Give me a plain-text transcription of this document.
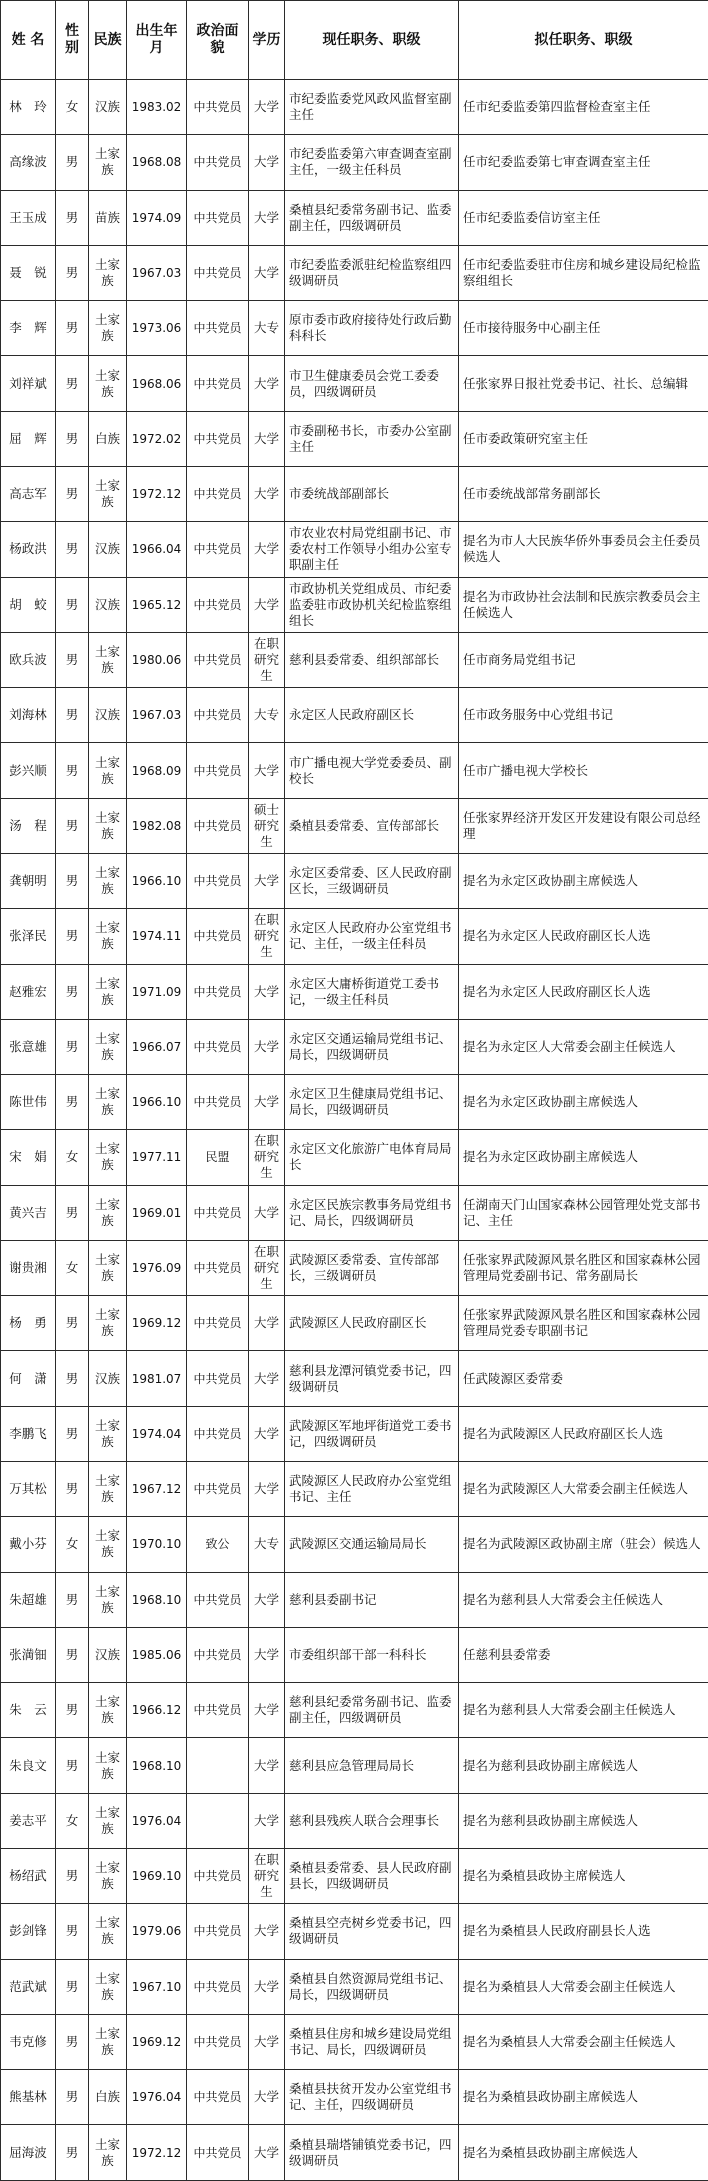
姓 名	性别	民族	出生年月	政治面貌	学历	现任职务、职级	拟任职务、职级
林　玲	女	汉族	1983.02	中共党员	大学	市纪委监委党风政风监督室副主任	任市纪委监委第四监督检查室主任
高缘波	男	土家族	1968.08	中共党员	大学	市纪委监委第六审查调查室副主任，一级主任科员	任市纪委监委第七审查调查室主任
王玉成	男	苗族	1974.09	中共党员	大学	桑植县纪委常务副书记、监委副主任，四级调研员	任市纪委监委信访室主任
聂　锐	男	土家族	1967.03	中共党员	大学	市纪委监委派驻纪检监察组四级调研员	任市纪委监委驻市住房和城乡建设局纪检监察组组长
李　辉	男	土家族	1973.06	中共党员	大专	原市委市政府接待处行政后勤科科长	任市接待服务中心副主任
刘祥斌	男	土家族	1968.06	中共党员	大学	市卫生健康委员会党工委委员，四级调研员	任张家界日报社党委书记、社长、总编辑
屈　辉	男	白族	1972.02	中共党员	大学	市委副秘书长，市委办公室副主任	任市委政策研究室主任
高志军	男	土家族	1972.12	中共党员	大学	市委统战部副部长	任市委统战部常务副部长
杨政洪	男	汉族	1966.04	中共党员	大学	市农业农村局党组副书记、市委农村工作领导小组办公室专职副主任	提名为市人大民族华侨外事委员会主任委员候选人
胡　蛟	男	汉族	1965.12	中共党员	大学	市政协机关党组成员、市纪委监委驻市政协机关纪检监察组组长	提名为市政协社会法制和民族宗教委员会主任候选人
欧兵波	男	土家族	1980.06	中共党员	在职研究生	慈利县委常委、组织部部长	任市商务局党组书记
刘海林	男	汉族	1967.03	中共党员	大专	永定区人民政府副区长	任市政务服务中心党组书记
彭兴顺	男	土家族	1968.09	中共党员	大学	市广播电视大学党委委员、副校长	任市广播电视大学校长
汤　程	男	土家族	1982.08	中共党员	硕士研究生	桑植县委常委、宣传部部长	任张家界经济开发区开发建设有限公司总经理
龚朝明	男	土家族	1966.10	中共党员	大学	永定区委常委、区人民政府副区长，三级调研员	提名为永定区政协副主席候选人
张泽民	男	土家族	1974.11	中共党员	在职研究生	永定区人民政府办公室党组书记、主任，一级主任科员	提名为永定区人民政府副区长人选
赵雅宏	男	土家族	1971.09	中共党员	大学	永定区大庸桥街道党工委书记，一级主任科员	提名为永定区人民政府副区长人选
张意雄	男	土家族	1966.07	中共党员	大学	永定区交通运输局党组书记、局长，四级调研员	提名为永定区人大常委会副主任候选人
陈世伟	男	土家族	1966.10	中共党员	大学	永定区卫生健康局党组书记、局长，四级调研员	提名为永定区政协副主席候选人
宋　娟	女	土家族	1977.11	民盟	在职研究生	永定区文化旅游广电体育局局长	提名为永定区政协副主席候选人
黄兴吉	男	土家族	1969.01	中共党员	大学	永定区民族宗教事务局党组书记、局长，四级调研员	任湖南天门山国家森林公园管理处党支部书记、主任
谢贵湘	女	土家族	1976.09	中共党员	在职研究生	武陵源区委常委、宣传部部长，三级调研员	任张家界武陵源风景名胜区和国家森林公园管理局党委副书记、常务副局长
杨　勇	男	土家族	1969.12	中共党员	大学	武陵源区人民政府副区长	任张家界武陵源风景名胜区和国家森林公园管理局党委专职副书记
何　潇	男	汉族	1981.07	中共党员	大学	慈利县龙潭河镇党委书记，四级调研员	任武陵源区委常委
李鹏飞	男	土家族	1974.04	中共党员	大学	武陵源区军地坪街道党工委书记，四级调研员	提名为武陵源区人民政府副区长人选
万其松	男	土家族	1967.12	中共党员	大学	武陵源区人民政府办公室党组书记、主任	提名为武陵源区人大常委会副主任候选人
戴小芬	女	土家族	1970.10	致公	大专	武陵源区交通运输局局长	提名为武陵源区政协副主席（驻会）候选人
朱超雄	男	土家族	1968.10	中共党员	大学	慈利县委副书记	提名为慈利县人大常委会主任候选人
张満钿	男	汉族	1985.06	中共党员	大学	市委组织部干部一科科长	任慈利县委常委
朱　云	男	土家族	1966.12	中共党员	大学	慈利县纪委常务副书记、监委副主任，四级调研员	提名为慈利县人大常委会副主任候选人
朱良文	男	土家族	1968.10		大学	慈利县应急管理局局长	提名为慈利县政协副主席候选人
姜志平	女	土家族	1976.04		大学	慈利县残疾人联合会理事长	提名为慈利县政协副主席候选人
杨绍武	男	土家族	1969.10	中共党员	在职研究生	桑植县委常委、县人民政府副县长，四级调研员	提名为桑植县政协主席候选人
彭剑锋	男	土家族	1979.06	中共党员	大学	桑植县空壳树乡党委书记，四级调研员	提名为桑植县人民政府副县长人选
范武斌	男	土家族	1967.10	中共党员	大学	桑植县自然资源局党组书记、局长，四级调研员	提名为桑植县人大常委会副主任候选人
韦克修	男	土家族	1969.12	中共党员	大学	桑植县住房和城乡建设局党组书记、局长，四级调研员	提名为桑植县人大常委会副主任候选人
熊基林	男	白族	1976.04	中共党员	大学	桑植县扶贫开发办公室党组书记、主任，四级调研员	提名为桑植县政协副主席候选人
屈海波	男	土家族	1972.12	中共党员	大学	桑植县瑞塔铺镇党委书记，四级调研员	提名为桑植县政协副主席候选人
